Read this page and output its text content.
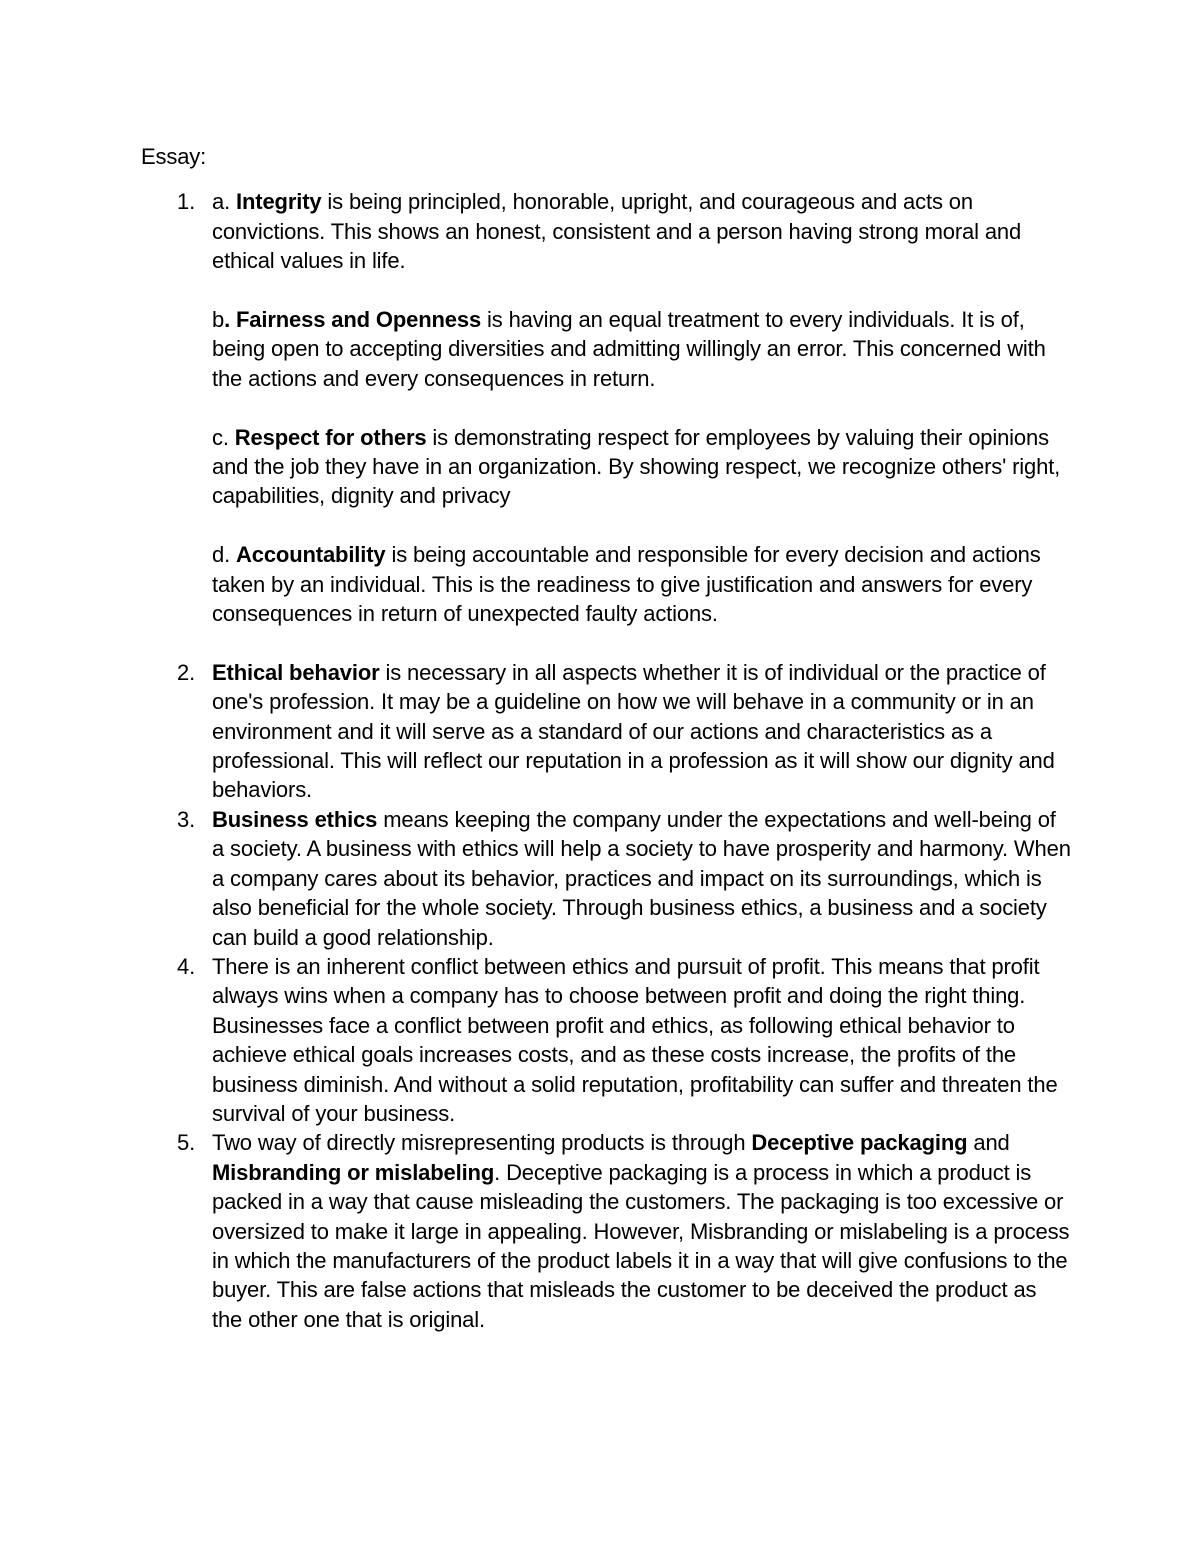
Essay:

1. a. Integrity is being principled, honorable, upright, and courageous and acts on convictions. This shows an honest, consistent and a person having strong moral and ethical values in life.

b. Fairness and Openness is having an equal treatment to every individuals. It is of, being open to accepting diversities and admitting willingly an error. This concerned with the actions and every consequences in return.

c. Respect for others is demonstrating respect for employees by valuing their opinions and the job they have in an organization. By showing respect, we recognize others' right, capabilities, dignity and privacy

d. Accountability is being accountable and responsible for every decision and actions taken by an individual. This is the readiness to give justification and answers for every consequences in return of unexpected faulty actions.

2. Ethical behavior is necessary in all aspects whether it is of individual or the practice of one's profession. It may be a guideline on how we will behave in a community or in an environment and it will serve as a standard of our actions and characteristics as a professional. This will reflect our reputation in a profession as it will show our dignity and behaviors.
3. Business ethics means keeping the company under the expectations and well-being of a society. A business with ethics will help a society to have prosperity and harmony. When a company cares about its behavior, practices and impact on its surroundings, which is also beneficial for the whole society. Through business ethics, a business and a society can build a good relationship.
4. There is an inherent conflict between ethics and pursuit of profit. This means that profit always wins when a company has to choose between profit and doing the right thing. Businesses face a conflict between profit and ethics, as following ethical behavior to achieve ethical goals increases costs, and as these costs increase, the profits of the business diminish. And without a solid reputation, profitability can suffer and threaten the survival of your business.
5. Two way of directly misrepresenting products is through Deceptive packaging and Misbranding or mislabeling. Deceptive packaging is a process in which a product is packed in a way that cause misleading the customers. The packaging is too excessive or oversized to make it large in appealing. However, Misbranding or mislabeling is a process in which the manufacturers of the product labels it in a way that will give confusions to the buyer. This are false actions that misleads the customer to be deceived the product as the other one that is original.
